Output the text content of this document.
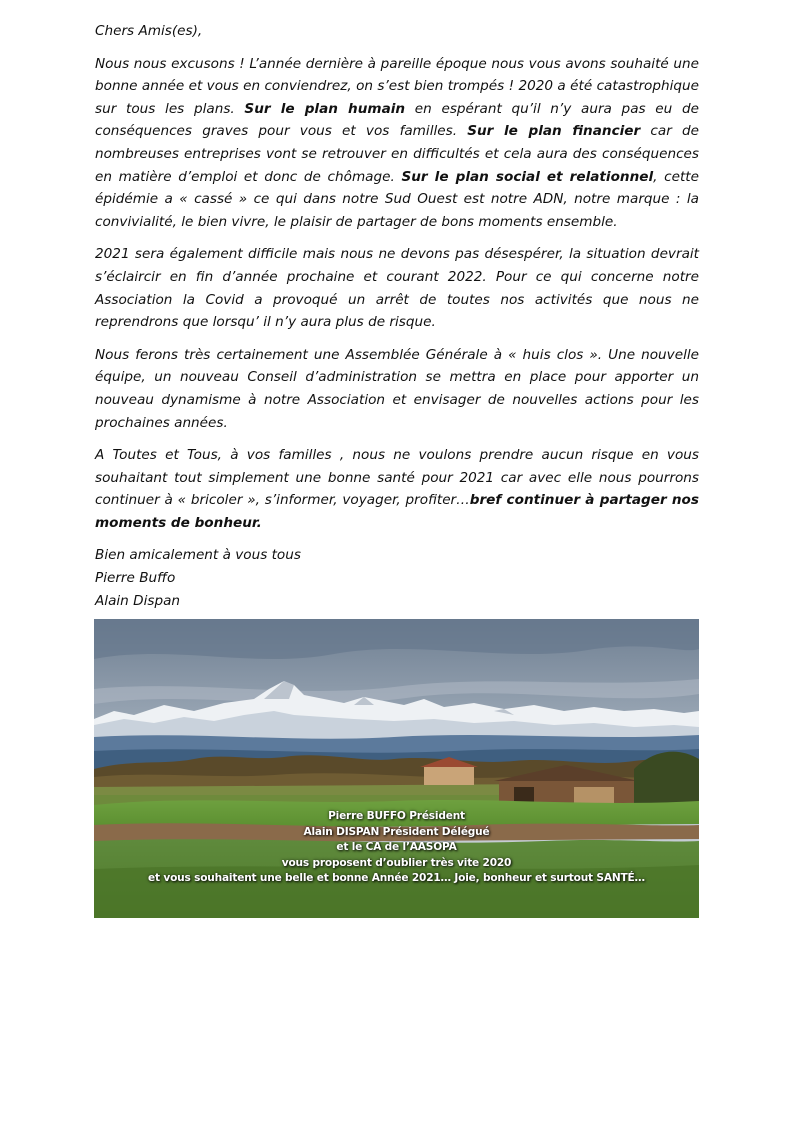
Chers Amis(es),

Nous nous excusons ! L’année dernière à pareille époque nous vous avons souhaité une bonne année et vous en conviendrez, on s’est bien trompés ! 2020 a été catastrophique sur tous les plans. Sur le plan humain en espérant qu’il n’y aura pas eu de conséquences graves pour vous et vos familles. Sur le plan financier car de nombreuses entreprises vont se retrouver en difficultés et cela aura des conséquences en matière d’emploi et donc de chômage. Sur le plan social et relationnel, cette épidémie a « cassé » ce qui dans notre Sud Ouest est notre ADN, notre marque : la convivialité, le bien vivre, le plaisir de partager de bons moments ensemble.

2021 sera également difficile mais nous ne devons pas désespérer, la situation devrait s’éclaircir en fin d’année prochaine et courant 2022. Pour ce qui concerne notre Association la Covid a provoqué un arrêt de toutes nos activités que nous ne reprendrons que lorsqu’ il n’y aura plus de risque.

Nous ferons très certainement une Assemblée Générale à « huis clos ». Une nouvelle équipe, un nouveau Conseil d’administration se mettra en place pour apporter un nouveau dynamisme à notre Association et envisager de nouvelles actions pour les prochaines années.

A Toutes et Tous, à vos familles , nous ne voulons prendre aucun risque en vous souhaitant tout simplement une bonne santé pour 2021 car avec elle nous pourrons continuer à « bricoler », s’informer, voyager, profiter…bref continuer à partager nos moments de bonheur.

Bien amicalement à vous tous

Pierre Buffo

Alain Dispan

Pierre BUFFO Président
Alain DISPAN Président Délégué
et le CA de l’AASOPA
vous proposent d’oublier très vite 2020
et vous souhaitent une belle et bonne Année 2021… Joie, bonheur et surtout SANTÉ…
